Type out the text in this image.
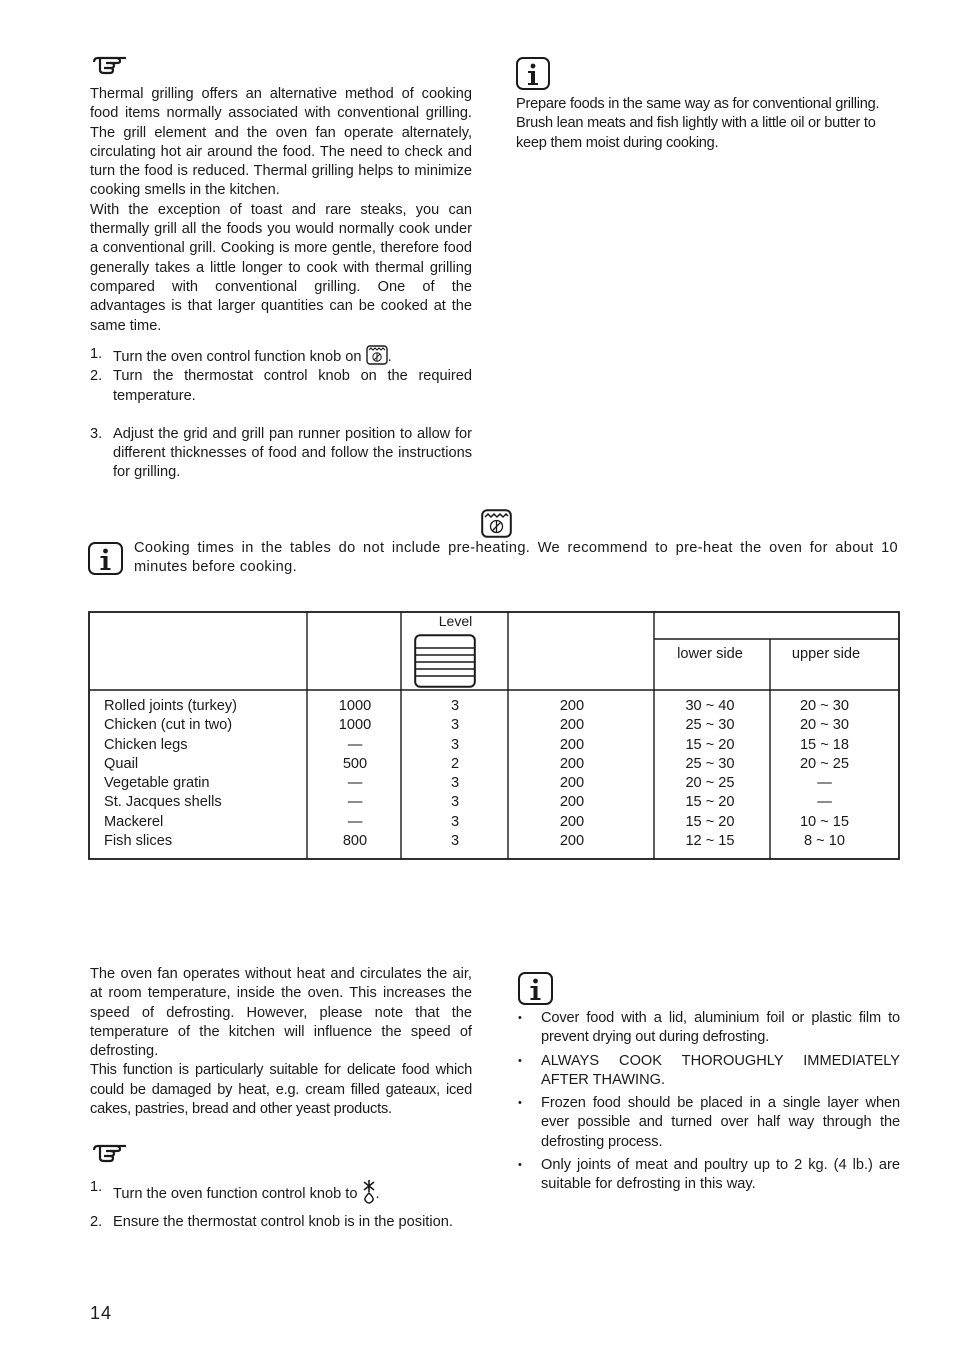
Thermal grilling offers an alternative method of cooking food items normally associated with conventional grilling. The grill element and the oven fan operate alternately, circulating hot air around the food. The need to check and turn the food is reduced. Thermal grilling helps to minimize cooking smells in the kitchen.

With the exception of toast and rare steaks, you can thermally grill all the foods you would normally cook under a conventional grill. Cooking is more gentle, therefore food generally takes a little longer to cook with thermal grilling compared with conventional grilling. One of the advantages is that larger quantities can be cooked at the same time.

1. Turn the oven control function knob on .
2. Turn the thermostat control knob on the required temperature.
3. Adjust the grid and grill pan runner position to allow for different thicknesses of food and follow the instructions for grilling.
Prepare foods in the same way as for conventional grilling. Brush lean meats and fish lightly with a little oil or butter to keep them moist during cooking.
Cooking times in the tables do not include pre-heating. We recommend to pre-heat the oven for about 10 minutes before cooking.
Level
lower side	upper side
Rolled joints (turkey)
Chicken (cut in two)
Chicken legs
Quail
Vegetable gratin
St. Jacques shells
Mackerel
Fish slices
1000
1000
—
500
—
—
—
800
3
3
3
2
3
3
3
3
200
200
200
200
200
200
200
200
30 ~ 40
25 ~ 30
15 ~ 20
25 ~ 30
20 ~ 25
15 ~ 20
15 ~ 20
12 ~ 15
20 ~ 30
20 ~ 30
15 ~ 18
20 ~ 25
—
—
10 ~ 15
8 ~ 10

The oven fan operates without heat and circulates the air, at room temperature, inside the oven. This increases the speed of defrosting. However, please note that the temperature of the kitchen will influence the speed of defrosting.

This function is particularly suitable for delicate food which could be damaged by heat, e.g. cream filled gateaux, iced cakes, pastries, bread and other yeast products.

1. Turn the oven function control knob to .
2. Ensure the thermostat control knob is in the position.
• Cover food with a lid, aluminium foil or plastic film to prevent drying out during defrosting.
• ALWAYS COOK THOROUGHLY IMMEDIATELY AFTER THAWING.
• Frozen food should be placed in a single layer when ever possible and turned over half way through the defrosting process.
• Only joints of meat and poultry up to 2 kg. (4 lb.) are suitable for defrosting in this way.
14
